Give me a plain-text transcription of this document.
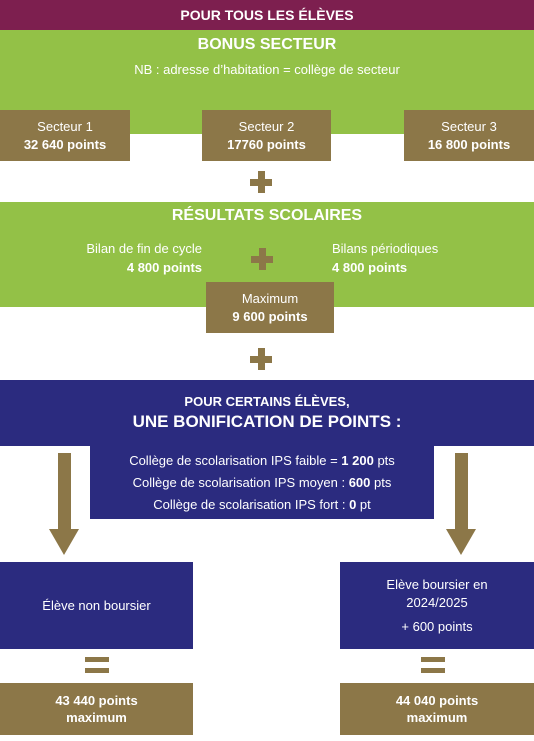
POUR TOUS LES ÉLÈVES
BONUS SECTEUR
NB : adresse d’habitation = collège de secteur
Secteur 1
32 640 points
Secteur 2
17760 points
Secteur 3
16 800 points
RÉSULTATS SCOLAIRES
Bilan de fin de cycle
4 800 points
Bilans périodiques
4 800 points
Maximum
9 600 points
POUR CERTAINS ÉLÈVES,
UNE BONIFICATION DE POINTS :
Collège de scolarisation IPS faible = 1 200 pts
Collège de scolarisation IPS moyen : 600 pts
Collège de scolarisation IPS fort : 0 pt
Élève non boursier
Elève boursier en
2024/2025
+ 600 points
43 440 points
maximum
44 040 points
maximum
